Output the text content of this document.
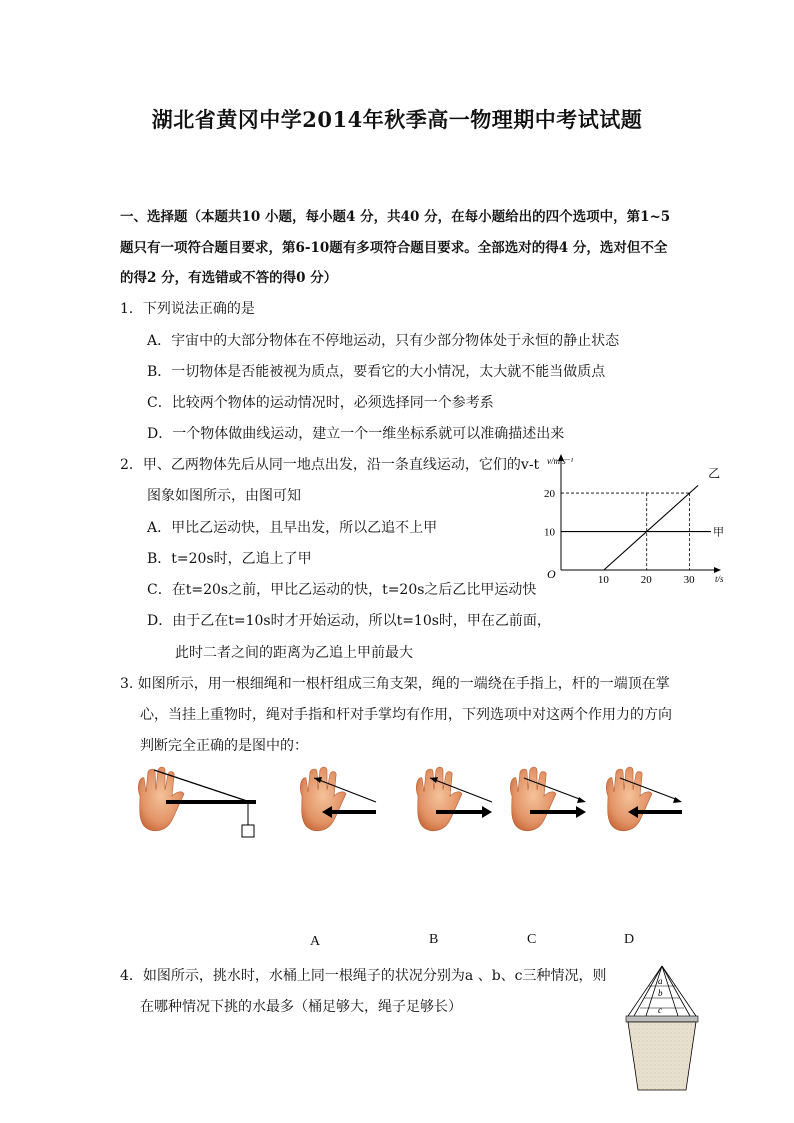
湖北省黄冈中学2014年秋季高一物理期中考试试题
一、选择题（本题共10 小题，每小题4 分，共40 分，在每小题给出的四个选项中，第1~5
题只有一项符合题目要求，第6-10题有多项符合题目要求。全部选对的得4 分，选对但不全
的得2 分，有选错或不答的得0 分）
1．下列说法正确的是
A．宇宙中的大部分物体在不停地运动，只有少部分物体处于永恒的静止状态
B．一切物体是否能被视为质点，要看它的大小情况，太大就不能当做质点
C．比较两个物体的运动情况时，必须选择同一个参考系
D．一个物体做曲线运动，建立一个一维坐标系就可以准确描述出来
2．甲、乙两物体先后从同一地点出发，沿一条直线运动，它们的v-t
图象如图所示，由图可知
A．甲比乙运动快，且早出发，所以乙追不上甲
B．t=20s时，乙追上了甲
C．在t=20s之前，甲比乙运动的快，t=20s之后乙比甲运动快
D．由于乙在t=10s时才开始运动，所以t=10s时，甲在乙前面，
此时二者之间的距离为乙追上甲前最大
v/m·s⁻¹
t/s
O	10	20	30
10
20
甲
乙
3. 如图所示，用一根细绳和一根杆组成三角支架，绳的一端绕在手指上，杆的一端顶在掌
心，当挂上重物时，绳对手指和杆对手掌均有作用，下列选项中对这两个作用力的方向
判断完全正确的是图中的：
A	B	C	D
4．如图所示，挑水时，水桶上同一根绳子的状况分别为a 、b、c三种情况，则
在哪种情况下挑的水最多（桶足够大，绳子足够长）
a
b
c
